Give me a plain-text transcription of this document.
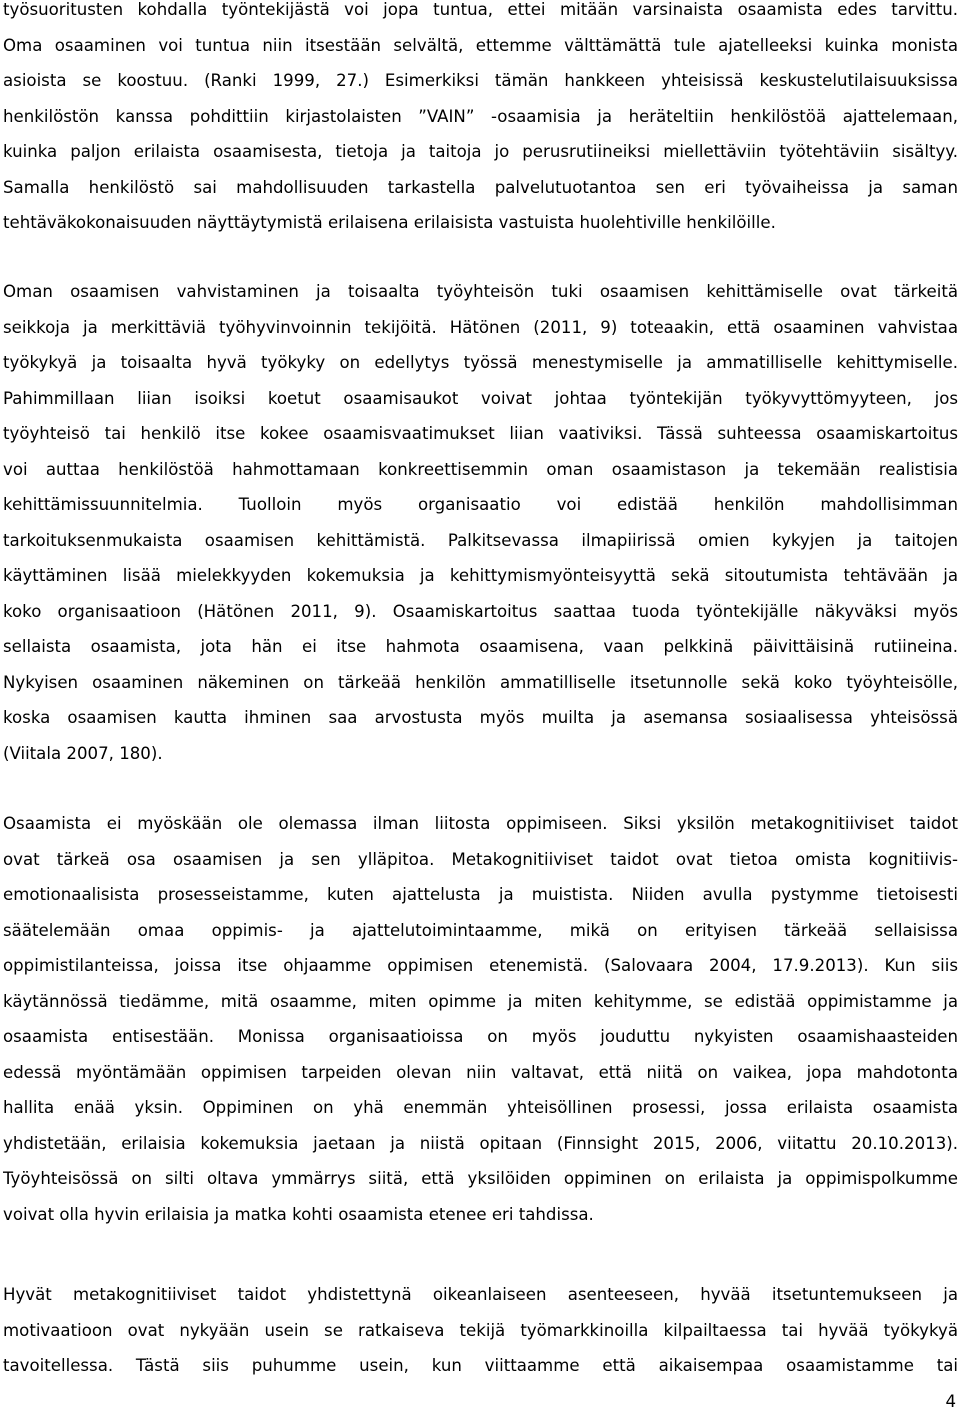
työsuoritusten kohdalla työntekijästä voi jopa tuntua, ettei mitään varsinaista osaamista edes tarvittu.
Oma osaaminen voi tuntua niin itsestään selvältä, ettemme välttämättä tule ajatelleeksi kuinka monista
asioista se koostuu. (Ranki 1999, 27.) Esimerkiksi tämän hankkeen yhteisissä keskustelutilaisuuksissa
henkilöstön kanssa pohdittiin kirjastolaisten ”VAIN” -osaamisia ja heräteltiin henkilöstöä ajattelemaan,
kuinka paljon erilaista osaamisesta, tietoja ja taitoja jo perusrutiineiksi miellettäviin työtehtäviin sisältyy.
Samalla henkilöstö sai mahdollisuuden tarkastella palvelutuotantoa sen eri työvaiheissa ja saman
tehtäväkokonaisuuden näyttäytymistä erilaisena erilaisista vastuista huolehtiville henkilöille.
Oman osaamisen vahvistaminen ja toisaalta työyhteisön tuki osaamisen kehittämiselle ovat tärkeitä
seikkoja ja merkittäviä työhyvinvoinnin tekijöitä. Hätönen (2011, 9) toteaakin, että osaaminen vahvistaa
työkykyä ja toisaalta hyvä työkyky on edellytys työssä menestymiselle ja ammatilliselle kehittymiselle.
Pahimmillaan liian isoiksi koetut osaamisaukot voivat johtaa työntekijän työkyvyttömyyteen, jos
työyhteisö tai henkilö itse kokee osaamisvaatimukset liian vaativiksi. Tässä suhteessa osaamiskartoitus
voi auttaa henkilöstöä hahmottamaan konkreettisemmin oman osaamistason ja tekemään realistisia
kehittämissuunnitelmia. Tuolloin myös organisaatio voi edistää henkilön mahdollisimman
tarkoituksenmukaista osaamisen kehittämistä. Palkitsevassa ilmapiirissä omien kykyjen ja taitojen
käyttäminen lisää mielekkyyden kokemuksia ja kehittymismyönteisyyttä sekä sitoutumista tehtävään ja
koko organisaatioon (Hätönen 2011, 9). Osaamiskartoitus saattaa tuoda työntekijälle näkyväksi myös
sellaista osaamista, jota hän ei itse hahmota osaamisena, vaan pelkkinä päivittäisinä rutiineina.
Nykyisen osaaminen näkeminen on tärkeää henkilön ammatilliselle itsetunnolle sekä koko työyhteisölle,
koska osaamisen kautta ihminen saa arvostusta myös muilta ja asemansa sosiaalisessa yhteisössä
(Viitala 2007, 180).
Osaamista ei myöskään ole olemassa ilman liitosta oppimiseen. Siksi yksilön metakognitiiviset taidot
ovat tärkeä osa osaamisen ja sen ylläpitoa. Metakognitiiviset taidot ovat tietoa omista kognitiivis-
emotionaalisista prosesseistamme, kuten ajattelusta ja muistista. Niiden avulla pystymme tietoisesti
säätelemään omaa oppimis- ja ajattelutoimintaamme, mikä on erityisen tärkeää sellaisissa
oppimistilanteissa, joissa itse ohjaamme oppimisen etenemistä. (Salovaara 2004, 17.9.2013). Kun siis
käytännössä tiedämme, mitä osaamme, miten opimme ja miten kehitymme, se edistää oppimistamme ja
osaamista entisestään. Monissa organisaatioissa on myös jouduttu nykyisten osaamishaasteiden
edessä myöntämään oppimisen tarpeiden olevan niin valtavat, että niitä on vaikea, jopa mahdotonta
hallita enää yksin. Oppiminen on yhä enemmän yhteisöllinen prosessi, jossa erilaista osaamista
yhdistetään, erilaisia kokemuksia jaetaan ja niistä opitaan (Finnsight 2015, 2006, viitattu 20.10.2013).
Työyhteisössä on silti oltava ymmärrys siitä, että yksilöiden oppiminen on erilaista ja oppimispolkumme
voivat olla hyvin erilaisia ja matka kohti osaamista etenee eri tahdissa.
Hyvät metakognitiiviset taidot yhdistettynä oikeanlaiseen asenteeseen, hyvää itsetuntemukseen ja
motivaatioon ovat nykyään usein se ratkaiseva tekijä työmarkkinoilla kilpailtaessa tai hyvää työkykyä
tavoitellessa. Tästä siis puhumme usein, kun viittaamme että aikaisempaa osaamistamme tai
4
